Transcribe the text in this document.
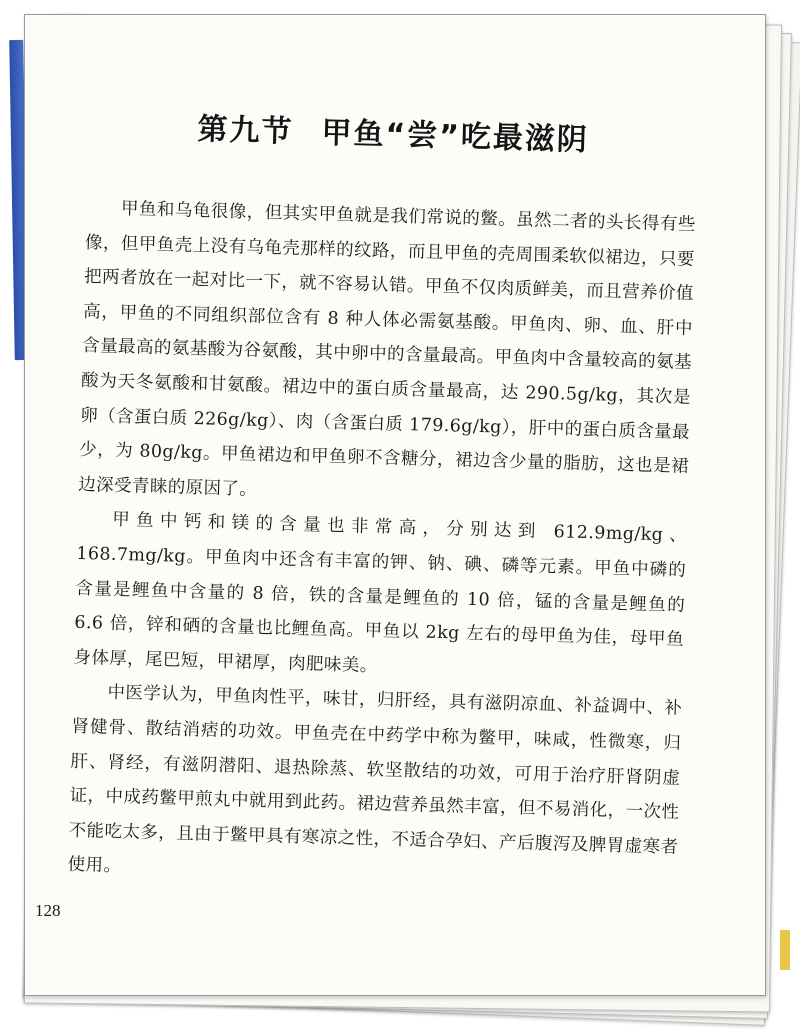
第九节 甲鱼“尝”吃最滋阴

甲鱼和乌龟很像，但其实甲鱼就是我们常说的鳖。虽然二者的头长得有些像，但甲鱼壳上没有乌龟壳那样的纹路，而且甲鱼的壳周围柔软似裙边，只要把两者放在一起对比一下，就不容易认错。甲鱼不仅肉质鲜美，而且营养价值高，甲鱼的不同组织部位含有 8 种人体必需氨基酸。甲鱼肉、卵、血、肝中含量最高的氨基酸为谷氨酸，其中卵中的含量最高。甲鱼肉中含量较高的氨基酸为天冬氨酸和甘氨酸。裙边中的蛋白质含量最高，达 290.5g/kg，其次是卵（含蛋白质 226g/kg）、肉（含蛋白质 179.6g/kg），肝中的蛋白质含量最少，为 80g/kg。甲鱼裙边和甲鱼卵不含糖分，裙边含少量的脂肪，这也是裙边深受青睐的原因了。

甲鱼中钙和镁的含量也非常高，分别达到 612.9mg/kg、168.7mg/kg。甲鱼肉中还含有丰富的钾、钠、碘、磷等元素。甲鱼中磷的含量是鲤鱼中含量的 8 倍，铁的含量是鲤鱼的 10 倍，锰的含量是鲤鱼的 6.6 倍，锌和硒的含量也比鲤鱼高。甲鱼以 2kg 左右的母甲鱼为佳，母甲鱼身体厚，尾巴短，甲裙厚，肉肥味美。

中医学认为，甲鱼肉性平，味甘，归肝经，具有滋阴凉血、补益调中、补肾健骨、散结消痞的功效。甲鱼壳在中药学中称为鳖甲，味咸，性微寒，归肝、肾经，有滋阴潜阳、退热除蒸、软坚散结的功效，可用于治疗肝肾阴虚证，中成药鳖甲煎丸中就用到此药。裙边营养虽然丰富，但不易消化，一次性不能吃太多，且由于鳖甲具有寒凉之性，不适合孕妇、产后腹泻及脾胃虚寒者使用。

128
